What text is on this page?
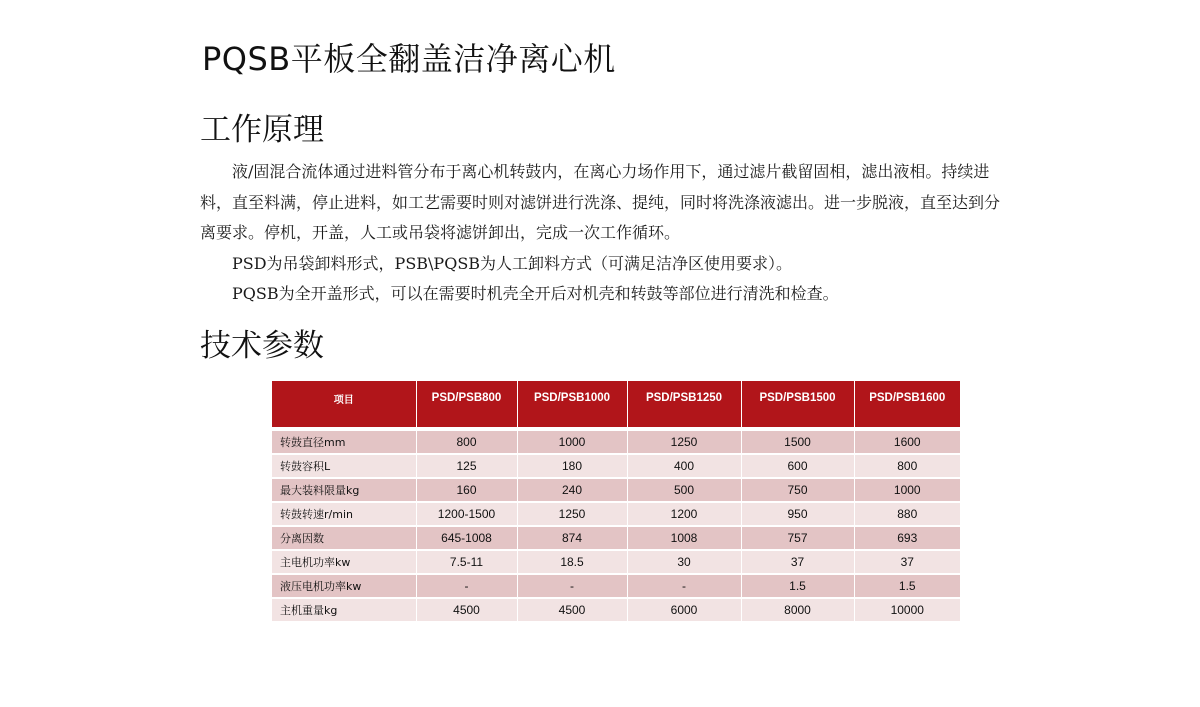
PQSB平板全翻盖洁净离心机
工作原理

液/固混合流体通过进料管分布于离心机转鼓内，在离心力场作用下，通过滤片截留固相，滤出液相。持续进料，直至料满，停止进料，如工艺需要时则对滤饼进行洗涤、提纯，同时将洗涤液滤出。进一步脱液，直至达到分离要求。停机，开盖，人工或吊袋将滤饼卸出，完成一次工作循环。

PSD为吊袋卸料形式，PSB\PQSB为人工卸料方式（可满足洁净区使用要求）。

PQSB为全开盖形式，可以在需要时机壳全开后对机壳和转鼓等部位进行清洗和检查。

技术参数
项目	PSD/PSB800	PSD/PSB1000	PSD/PSB1250	PSD/PSB1500	PSD/PSB1600

转鼓直径mm	800	1000	1250	1500	1600
转鼓容积L	125	180	400	600	800
最大装料限量kg	160	240	500	750	1000
转鼓转速r/min	1200-1500	1250	1200	950	880
分离因数	645-1008	874	1008	757	693
主电机功率kw	7.5-11	18.5	30	37	37
液压电机功率kw	-	-	-	1.5	1.5
主机重量kg	4500	4500	6000	8000	10000
